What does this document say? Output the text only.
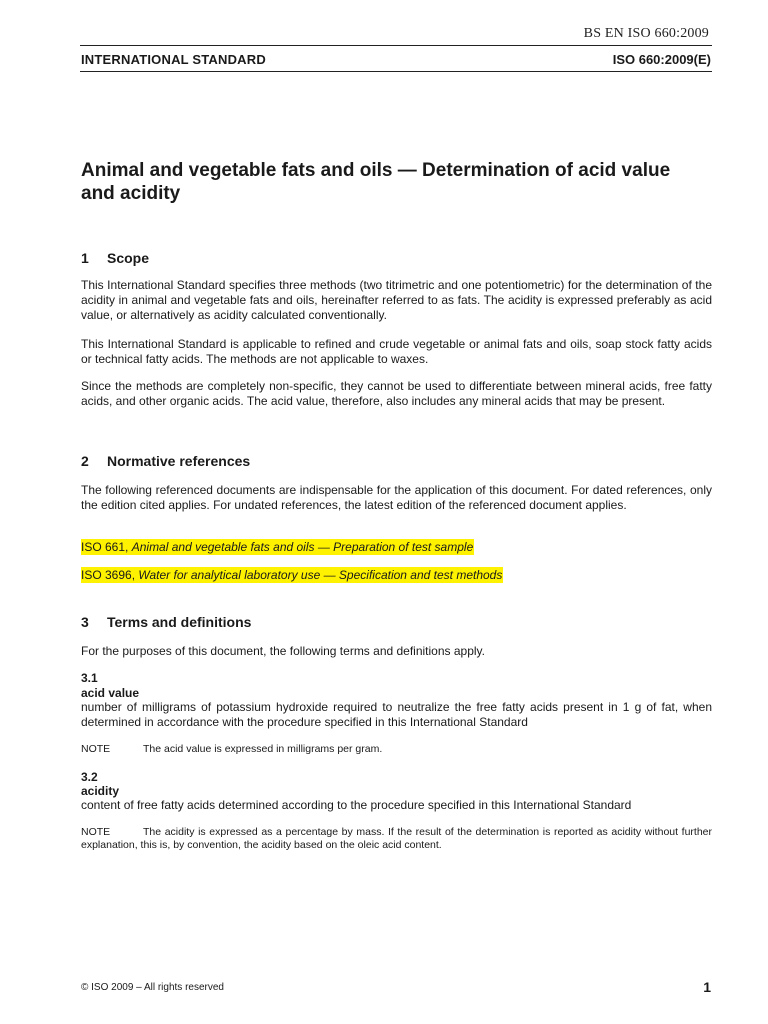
BS EN ISO 660:2009
INTERNATIONAL STANDARD	ISO 660:2009(E)
Animal and vegetable fats and oils — Determination of acid value and acidity
1 Scope

This International Standard specifies three methods (two titrimetric and one potentiometric) for the determination of the acidity in animal and vegetable fats and oils, hereinafter referred to as fats. The acidity is expressed preferably as acid value, or alternatively as acidity calculated conventionally.

This International Standard is applicable to refined and crude vegetable or animal fats and oils, soap stock fatty acids or technical fatty acids. The methods are not applicable to waxes.

Since the methods are completely non-specific, they cannot be used to differentiate between mineral acids, free fatty acids, and other organic acids. The acid value, therefore, also includes any mineral acids that may be present.

2 Normative references

The following referenced documents are indispensable for the application of this document. For dated references, only the edition cited applies. For undated references, the latest edition of the referenced document applies.

ISO 661, Animal and vegetable fats and oils — Preparation of test sample
ISO 3696, Water for analytical laboratory use — Specification and test methods
3 Terms and definitions

For the purposes of this document, the following terms and definitions apply.

3.1
acid value

number of milligrams of potassium hydroxide required to neutralize the free fatty acids present in 1 g of fat, when determined in accordance with the procedure specified in this International Standard

NOTE	The acid value is expressed in milligrams per gram.

3.2
acidity

content of free fatty acids determined according to the procedure specified in this International Standard

NOTE	The acidity is expressed as a percentage by mass. If the result of the determination is reported as acidity without further explanation, this is, by convention, the acidity based on the oleic acid content.

© ISO 2009 – All rights reserved	1
